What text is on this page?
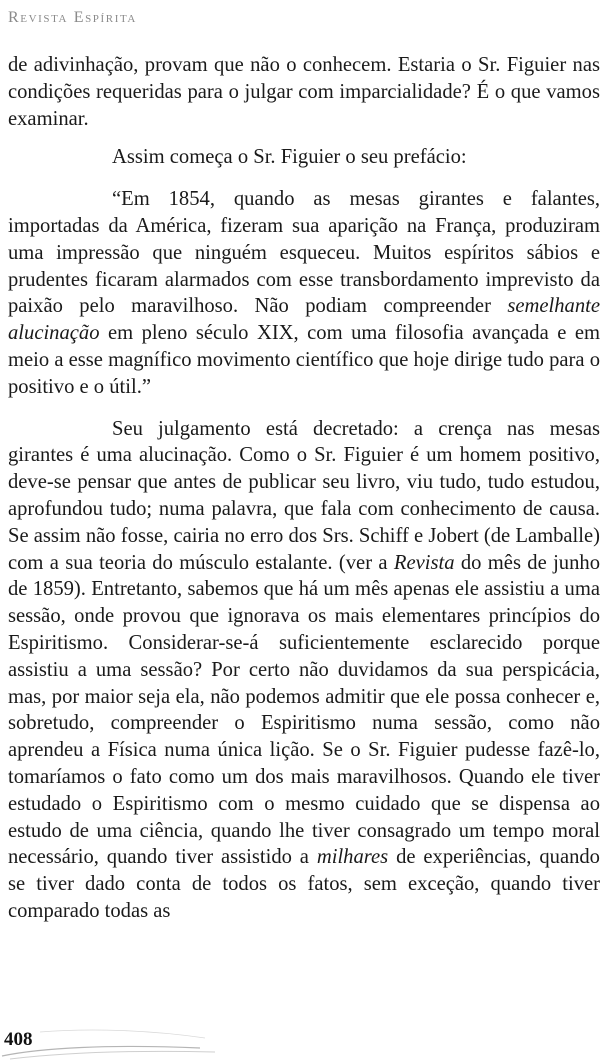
Revista Espírita

de adivinhação, provam que não o conhecem. Estaria o Sr. Figuier nas condições requeridas para o julgar com imparcialidade? É o que vamos examinar.

Assim começa o Sr. Figuier o seu prefácio:

“Em 1854, quando as mesas girantes e falantes, importadas da América, fizeram sua aparição na França, produziram uma impressão que ninguém esqueceu. Muitos espíritos sábios e prudentes ficaram alarmados com esse transbordamento imprevisto da paixão pelo maravilhoso. Não podiam compreender semelhante alucinação em pleno século XIX, com uma filosofia avançada e em meio a esse magnífico movimento científico que hoje dirige tudo para o positivo e o útil.”

Seu julgamento está decretado: a crença nas mesas girantes é uma alucinação. Como o Sr. Figuier é um homem positivo, deve-se pensar que antes de publicar seu livro, viu tudo, tudo estudou, aprofundou tudo; numa palavra, que fala com conhecimento de causa. Se assim não fosse, cairia no erro dos Srs. Schiff e Jobert (de Lamballe) com a sua teoria do músculo estalante. (ver a Revista do mês de junho de 1859). Entretanto, sabemos que há um mês apenas ele assistiu a uma sessão, onde provou que ignorava os mais elementares princípios do Espiritismo. Considerar-se-á suficientemente esclarecido porque assistiu a uma sessão? Por certo não duvidamos da sua perspicácia, mas, por maior seja ela, não podemos admitir que ele possa conhecer e, sobretudo, compreender o Espiritismo numa sessão, como não aprendeu a Física numa única lição. Se o Sr. Figuier pudesse fazê-lo, tomaríamos o fato como um dos mais maravilhosos. Quando ele tiver estudado o Espiritismo com o mesmo cuidado que se dispensa ao estudo de uma ciência, quando lhe tiver consagrado um tempo moral necessário, quando tiver assistido a milhares de experiências, quando se tiver dado conta de todos os fatos, sem exceção, quando tiver comparado todas as

408
